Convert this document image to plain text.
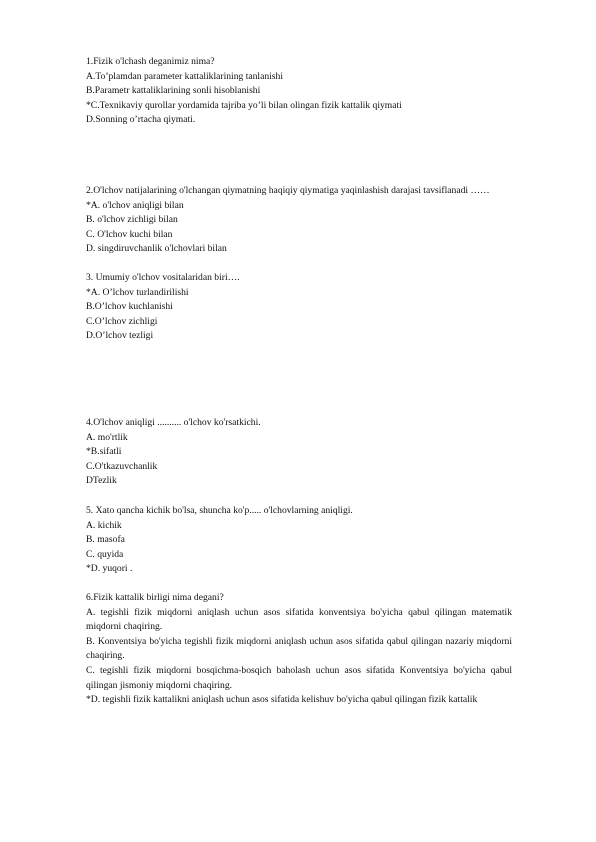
1.Fizik o'lchash deganimiz nima?
A.To’plamdan parameter kattaliklarining tanlanishi
B.Parametr kattaliklarining sonli hisoblanishi
*C.Texnikaviy qurollar yordamida tajriba yo’li bilan olingan fizik kattalik qiymati
D.Sonning o’rtacha qiymati.
2.O'lchov natijalarining o'lchangan qiymatning haqiqiy qiymatiga yaqinlashish darajasi tavsiflanadi ……
*A. o'lchov aniqligi bilan
B. o'lchov zichligi bilan
C. O'lchov kuchi bilan
D. singdiruvchanlik o'lchovlari bilan
3. Umumiy o'lchov vositalaridan biri….
*A. O’lchov turlandirilishi
B.O’lchov kuchlanishi
C.O’lchov zichligi
D.O’lchov tezligi
4.O'lchov aniqligi .......... o'lchov ko'rsatkichi.
A. mo'rtlik
*B.sifatli
C.O'tkazuvchanlik
DTezlik
5. Xato qancha kichik bo'lsa, shuncha ko'p..... o'lchovlarning aniqligi.
A. kichik
B. masofa
C. quyida
*D. yuqori .
6.Fizik kattalik birligi nima degani?
A. tegishli fizik miqdorni aniqlash uchun asos sifatida konventsiya bo'yicha qabul qilingan matematik miqdorni chaqiring.
B. Konventsiya bo'yicha tegishli fizik miqdorni aniqlash uchun asos sifatida qabul qilingan nazariy miqdorni chaqiring.
C. tegishli fizik miqdorni bosqichma-bosqich baholash uchun asos sifatida Konventsiya bo'yicha qabul qilingan jismoniy miqdorni chaqiring.
*D. tegishli fizik kattalikni aniqlash uchun asos sifatida kelishuv bo'yicha qabul qilingan fizik kattalik
